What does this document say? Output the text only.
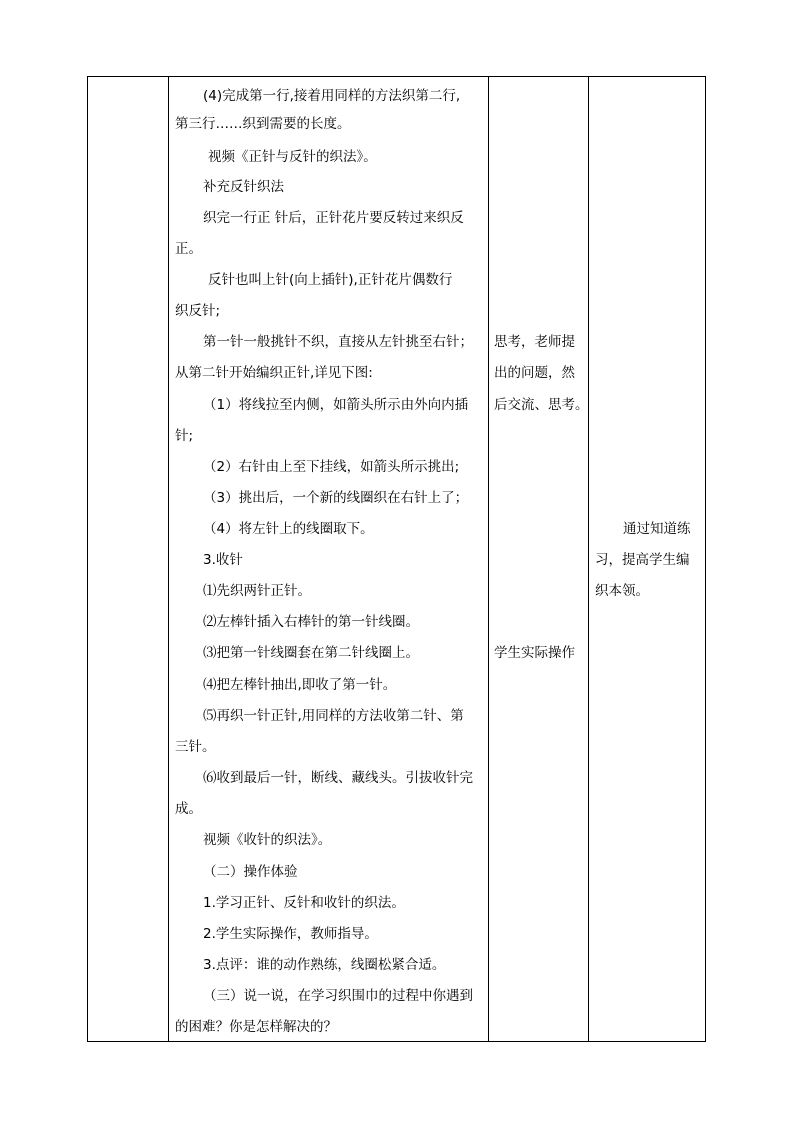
(4)完成第一行,接着用同样的方法织第二行,
第三行……织到需要的长度。
视频《正针与反针的织法》。
补充反针织法
织完一行正 针后，正针花片要反转过来织反
正。
反针也叫上针(向上插针),正针花片偶数行
织反针;
第一针一般挑针不织，直接从左针挑至右针；
从第二针开始编织正针,详见下图:
（1）将线拉至内侧，如箭头所示由外向内插
针;
（2）右针由上至下挂线，如箭头所示挑出;
（3）挑出后，一个新的线圈织在右针上了；
（4）将左针上的线圈取下。
3.收针
⑴先织两针正针。
⑵左棒针插入右棒针的第一针线圈。
⑶把第一针线圈套在第二针线圈上。
⑷把左棒针抽出,即收了第一针。
⑸再织一针正针,用同样的方法收第二针、第
三针。
⑹收到最后一针，断线、藏线头。引拔收针完
成。
视频《收针的织法》。
（二）操作体验
1.学习正针、反针和收针的织法。
2.学生实际操作，教师指导。
3.点评：谁的动作熟练，线圈松紧合适。
（三）说一说，在学习织围巾的过程中你遇到
的困难？你是怎样解决的？
思考，老师提
出的问题，然
后交流、思考。
学生实际操作
通过知道练
习，提高学生编
织本领。
